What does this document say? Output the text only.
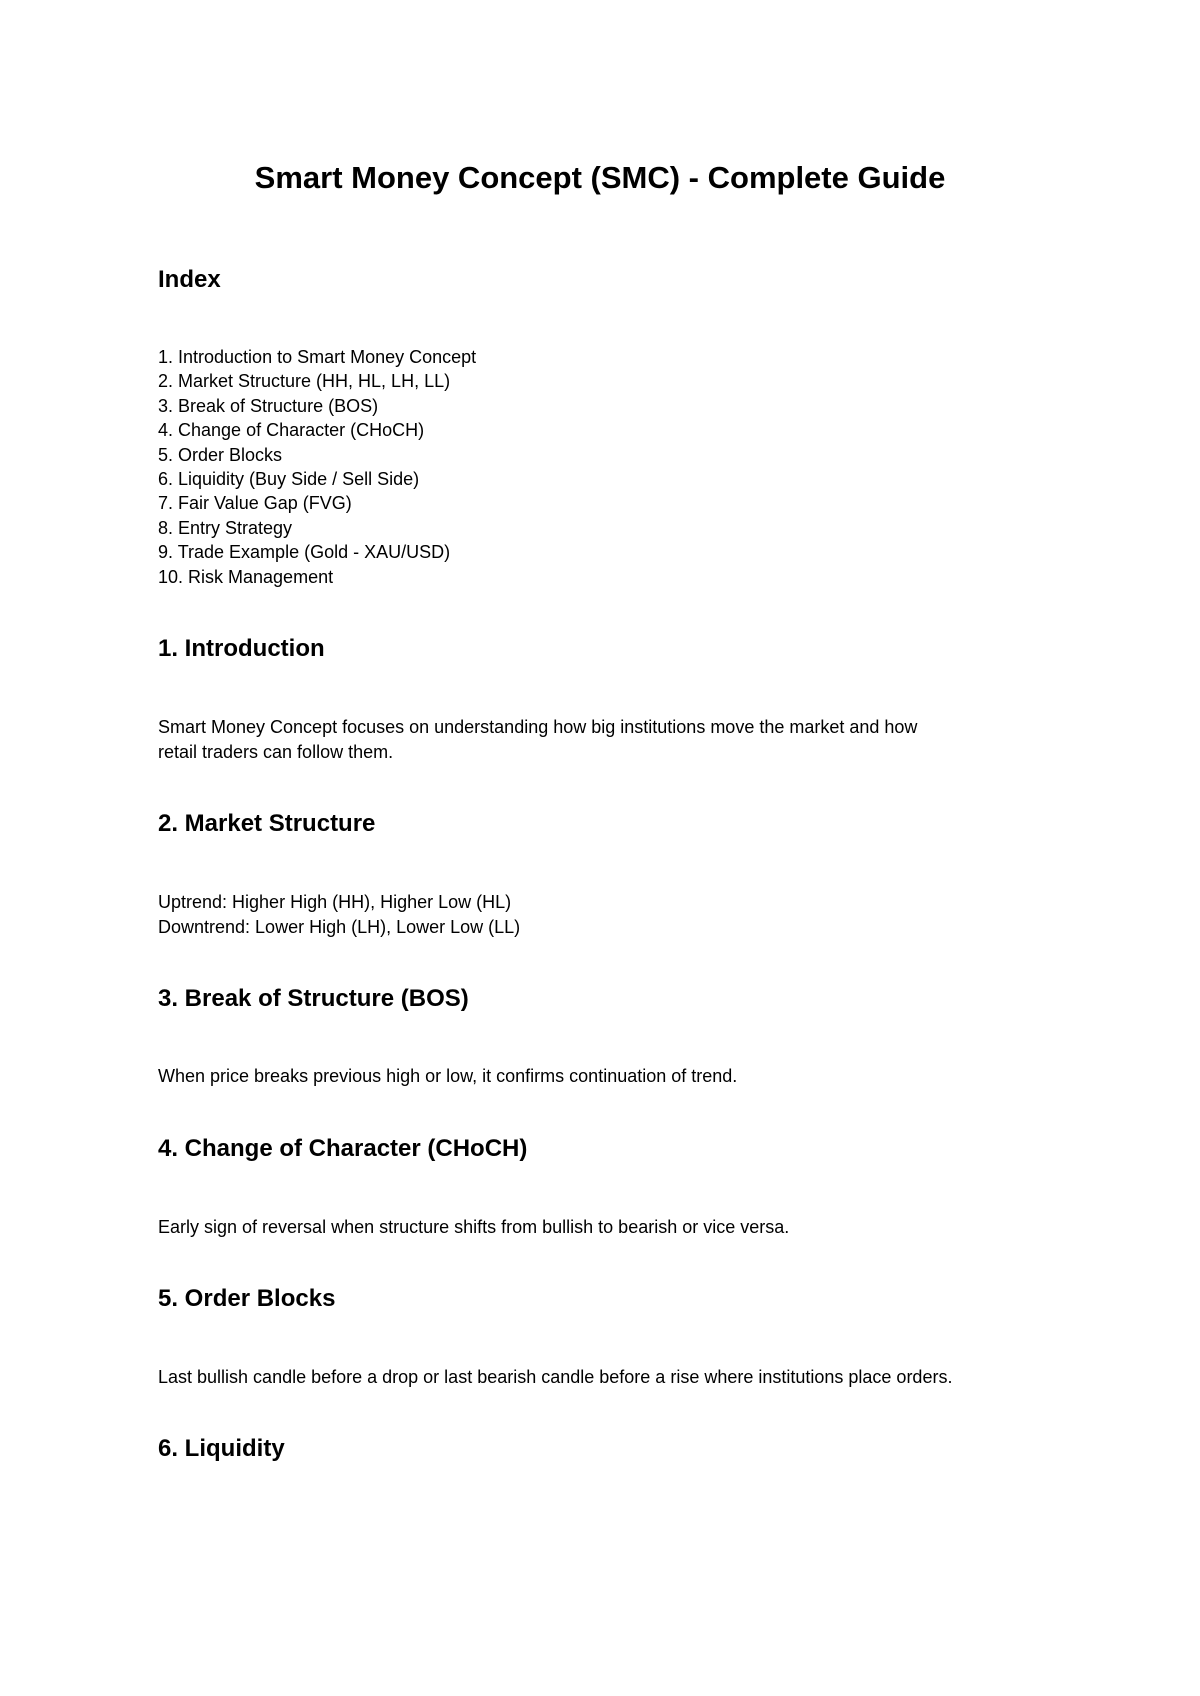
Smart Money Concept (SMC) - Complete Guide
Index
1. Introduction to Smart Money Concept
2. Market Structure (HH, HL, LH, LL)
3. Break of Structure (BOS)
4. Change of Character (CHoCH)
5. Order Blocks
6. Liquidity (Buy Side / Sell Side)
7. Fair Value Gap (FVG)
8. Entry Strategy
9. Trade Example (Gold - XAU/USD)
10. Risk Management
1. Introduction

Smart Money Concept focuses on understanding how big institutions move the market and how

retail traders can follow them.

2. Market Structure

Uptrend: Higher High (HH), Higher Low (HL)

Downtrend: Lower High (LH), Lower Low (LL)

3. Break of Structure (BOS)

When price breaks previous high or low, it confirms continuation of trend.

4. Change of Character (CHoCH)

Early sign of reversal when structure shifts from bullish to bearish or vice versa.

5. Order Blocks

Last bullish candle before a drop or last bearish candle before a rise where institutions place orders.

6. Liquidity
